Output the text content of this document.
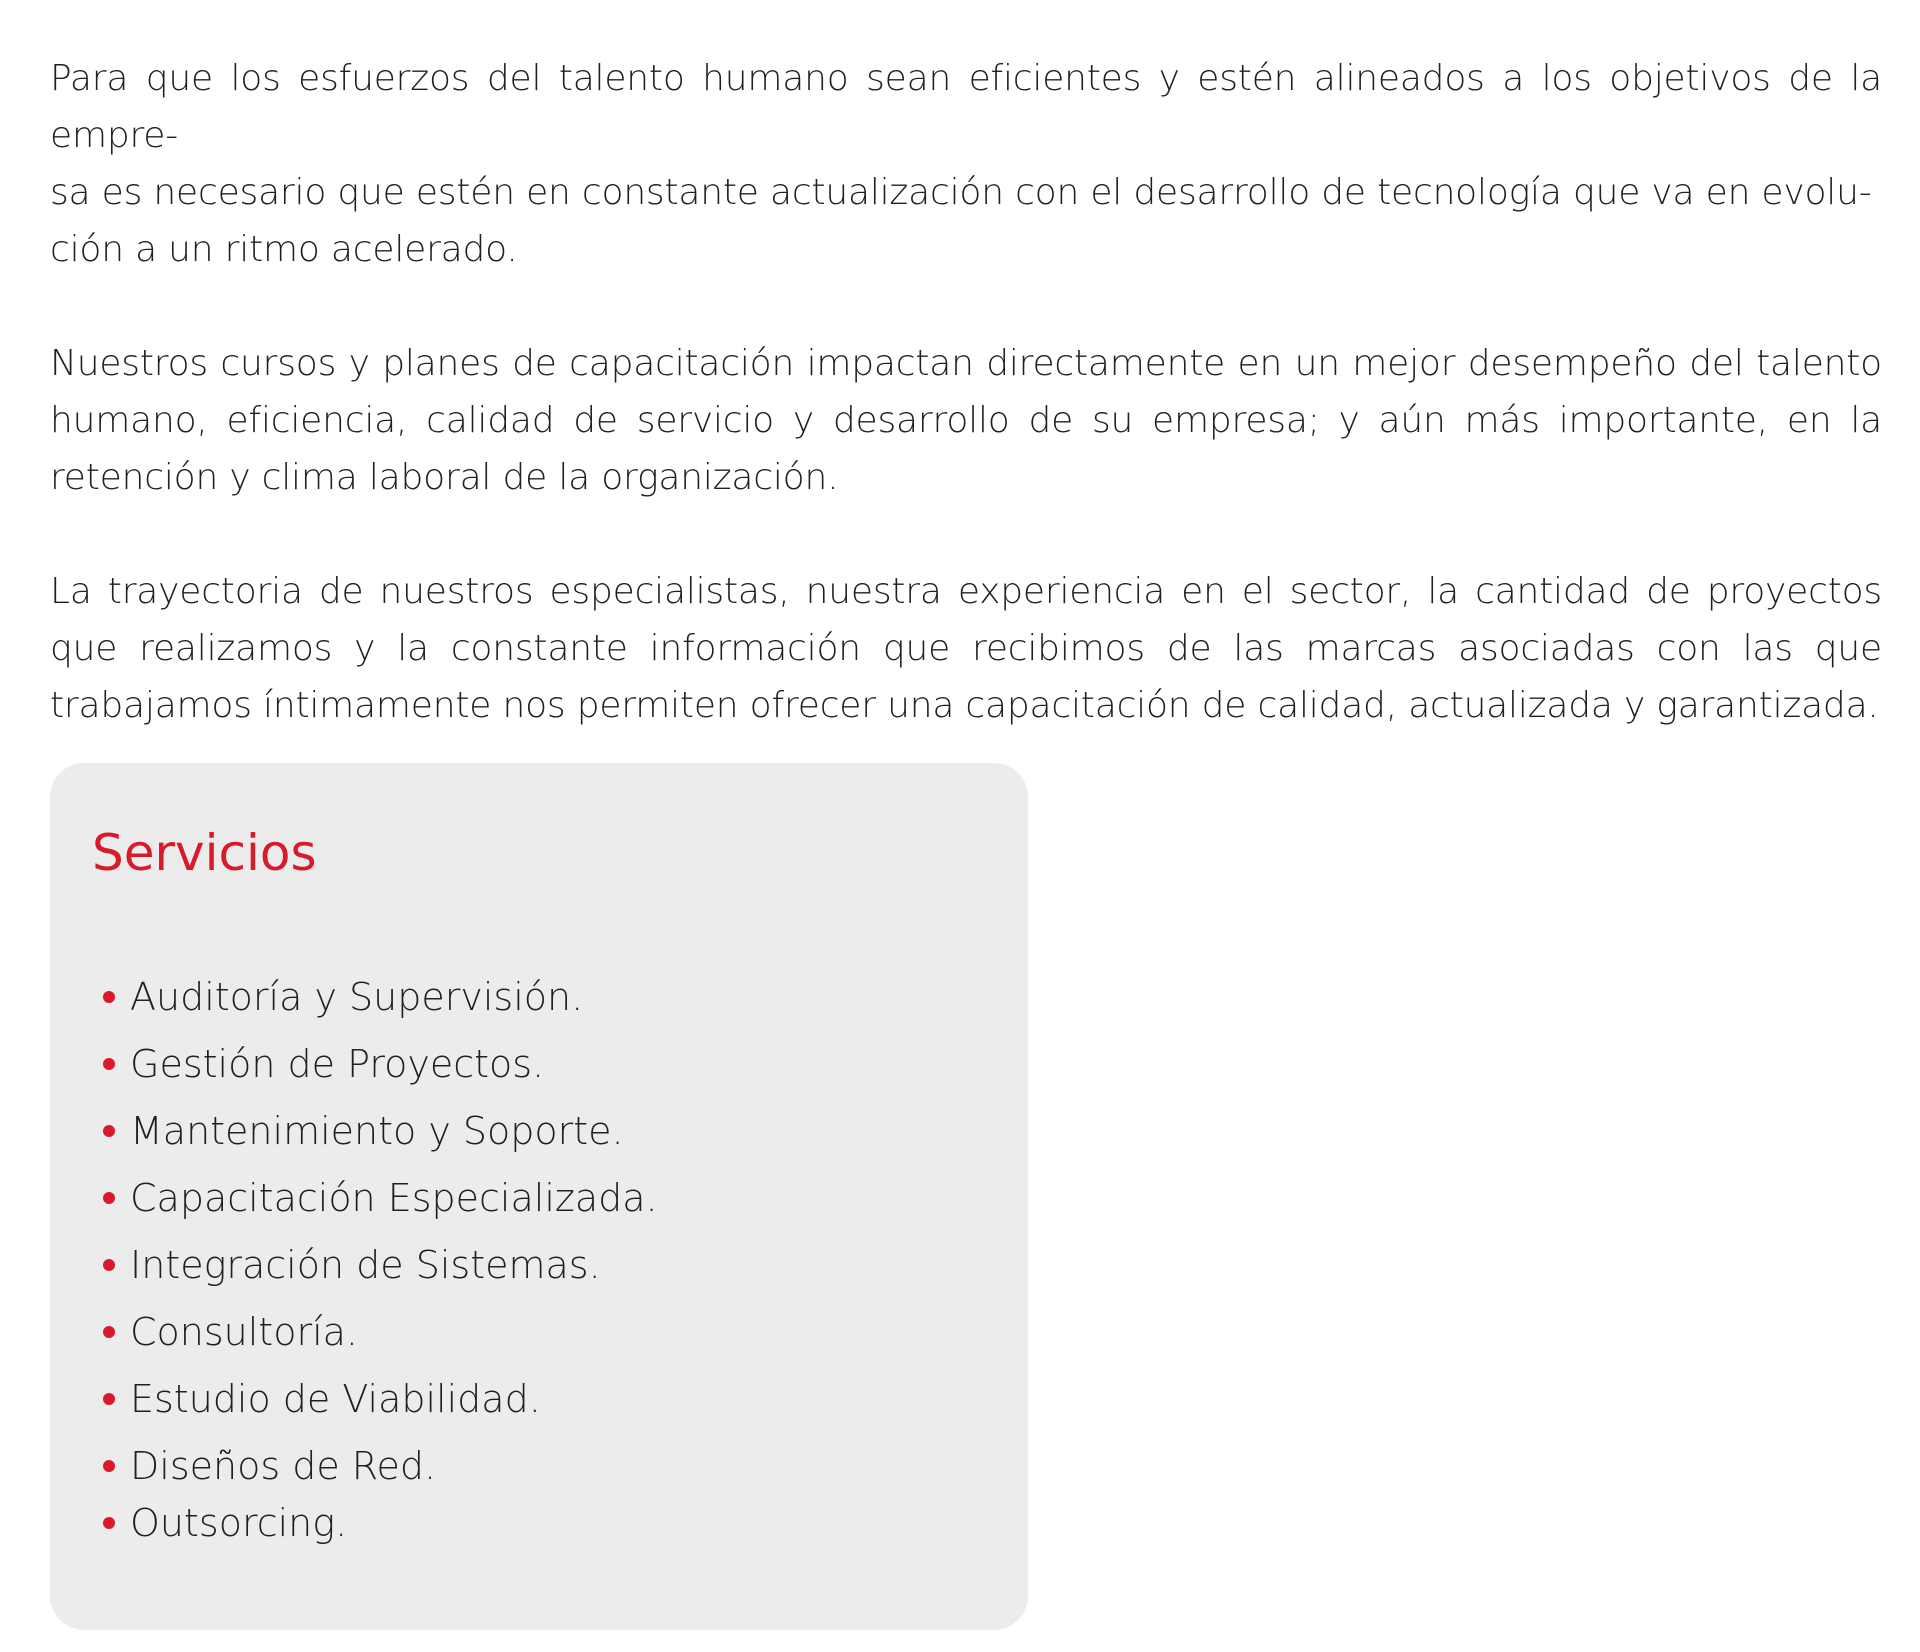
Para que los esfuerzos del talento humano sean eficientes y estén alineados a los objetivos de la empre-
sa es necesario que estén en constante actualización con el desarrollo de tecnología que va en evolu-
ción a un ritmo acelerado.

Nuestros cursos y planes de capacitación impactan directamente en un mejor desempeño del talento humano, eficiencia, calidad de servicio y desarrollo de su empresa; y aún más importante, en la retención y clima laboral de la organización.

La trayectoria de nuestros especialistas, nuestra experiencia en el sector, la cantidad de proyectos que realizamos y la constante información que recibimos de las marcas asociadas con las que trabajamos íntimamente nos permiten ofrecer una capacitación de calidad, actualizada y garantizada.

Servicios
Auditoría y Supervisión.
Gestión de Proyectos.
Mantenimiento y Soporte.
Capacitación Especializada.
Integración de Sistemas.
Consultoría.
Estudio de Viabilidad.
Diseños de Red.
Outsorcing.
